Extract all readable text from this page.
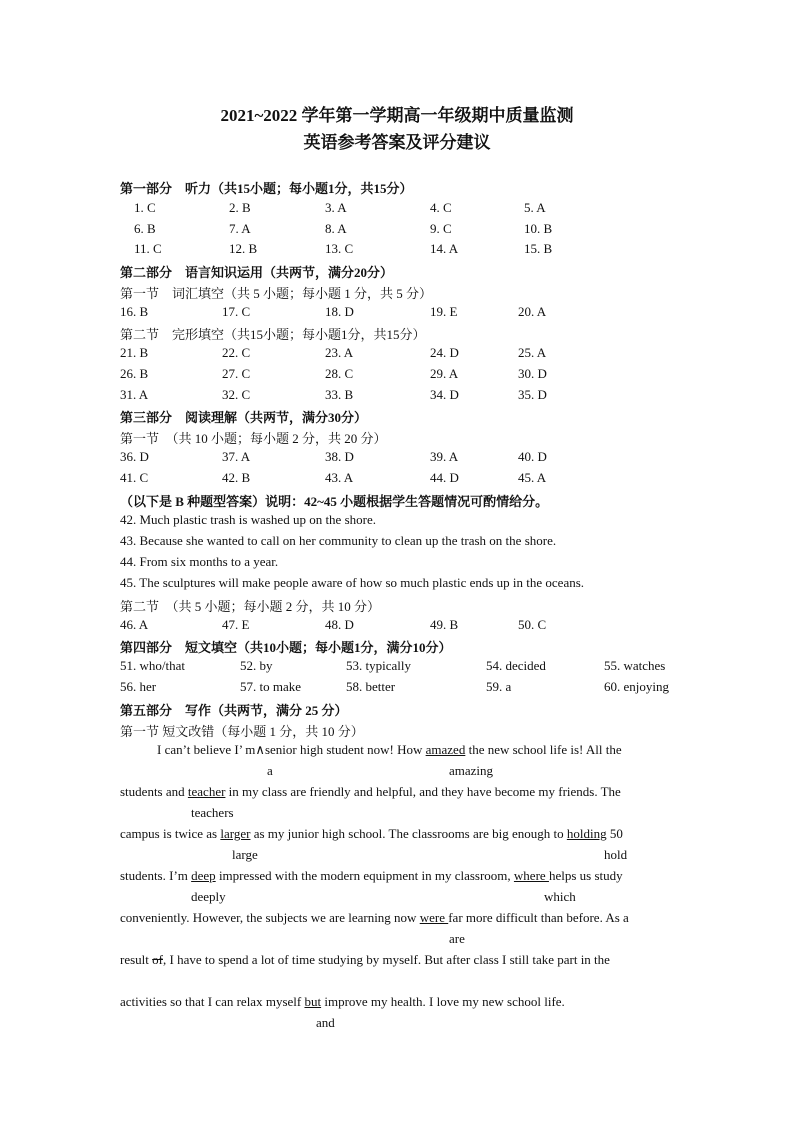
2021~2022 学年第一学期高一年级期中质量监测
英语参考答案及评分建议
第一部分　听力（共15小题；每小题1分，共15分）
1. C	2. B	3. A	4. C	5. A
6. B	7. A	8. A	9. C	10. B
11. C	12. B	13. C	14. A	15. B
第二部分　语言知识运用（共两节，满分20分）
第一节　词汇填空（共 5 小题；每小题 1 分，共 5 分）
16. B	17. C	18. D	19. E	20. A
第二节　完形填空（共15小题；每小题1分，共15分）
21. B	22. C	23. A	24. D	25. A
26. B	27. C	28. C	29. A	30. D
31. A	32. C	33. B	34. D	35. D
第三部分　阅读理解（共两节，满分30分）
第一节　（共 10 小题；每小题 2 分，共 20 分）
36. D	37. A	38. D	39. A	40. D
41. C	42. B	43. A	44. D	45. A
（以下是 B 种题型答案）说明：42~45 小题根据学生答题情况可酌情给分。
42. Much plastic trash is washed up on the shore.
43. Because she wanted to call on her community to clean up the trash on the shore.
44. From six months to a year.
45. The sculptures will make people aware of how so much plastic ends up in the oceans.
第二节　（共 5 小题；每小题 2 分，共 10 分）
46. A	47. E	48. D	49. B	50. C
第四部分　短文填空（共10小题；每小题1分，满分10分）
51. who/that	52. by	53. typically	54. decided	55. watches
56. her	57. to make	58. better	59. a	60. enjoying
第五部分　写作（共两节，满分 25 分）
第一节 短文改错（每小题 1 分，共 10 分）
I can’t believe I’ m∧senior high student now! How amazed the new school life is! All the
a	amazing
students and teacher in my class are friendly and helpful, and they have become my friends. The
teachers
campus is twice as larger as my junior high school. The classrooms are big enough to holding 50
large	hold
students. I’m deep impressed with the modern equipment in my classroom, where helps us study
deeply	which
conveniently. However, the subjects we are learning now were far more difficult than before. As a
are
result of, I have to spend a lot of time studying by myself. But after class I still take part in the
activities so that I can relax myself but improve my health. I love my new school life.
and
